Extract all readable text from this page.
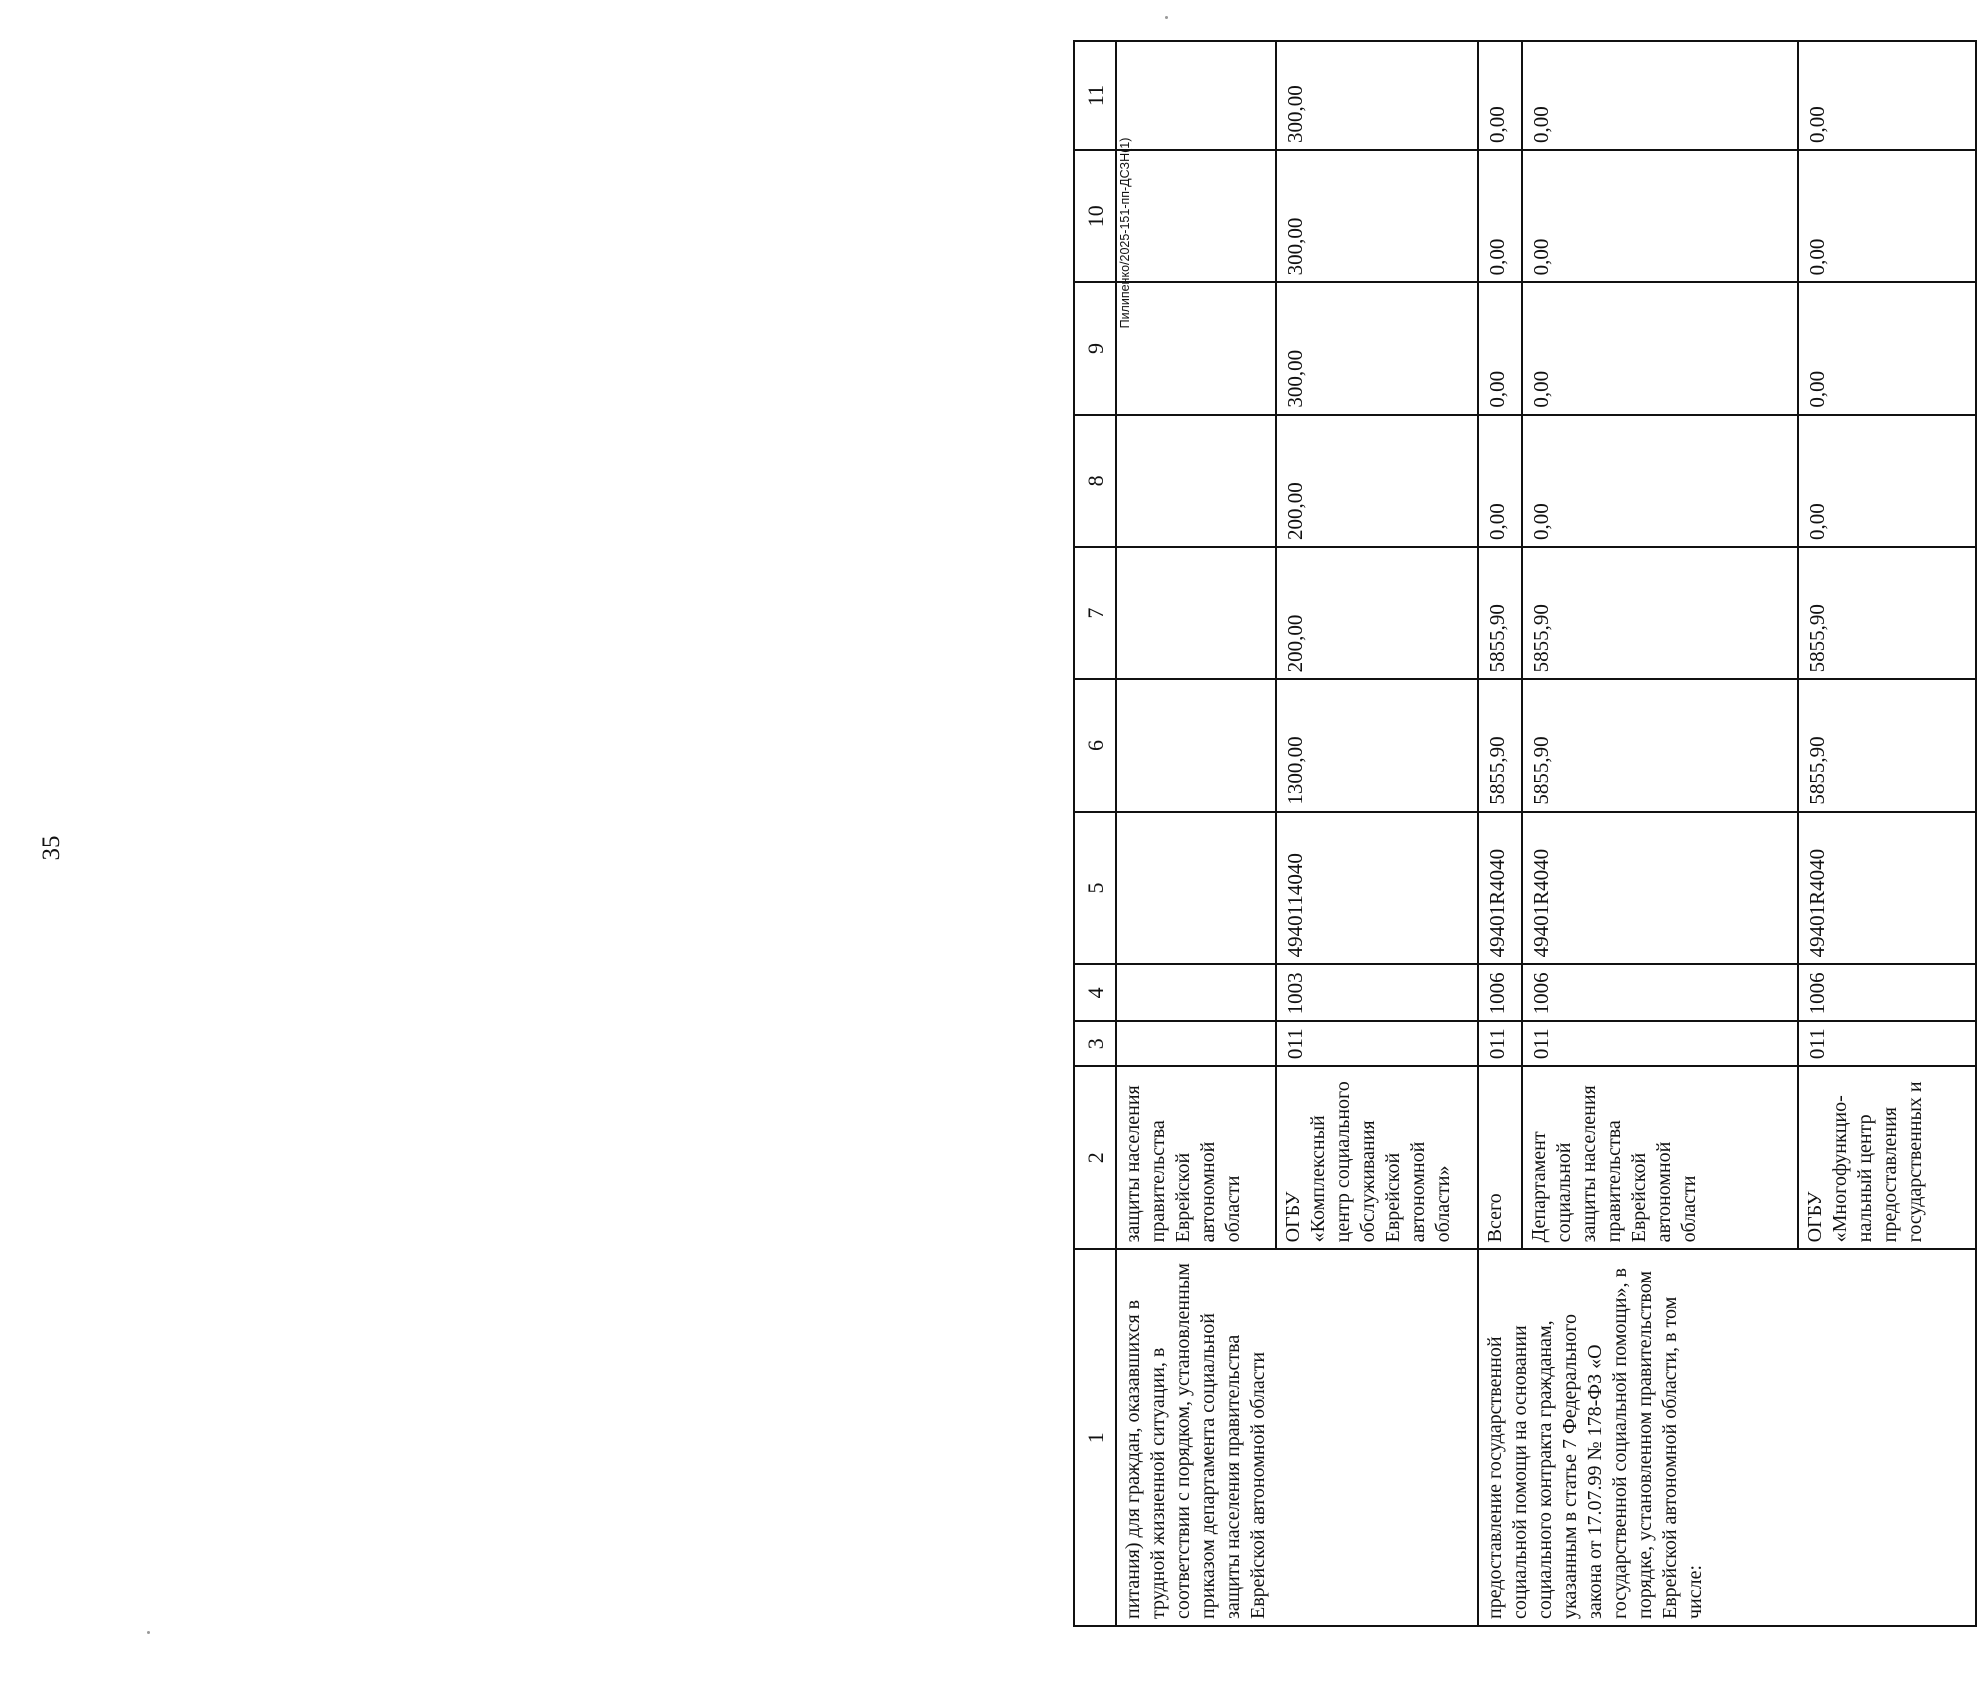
35
Пилипенко/2025-151-пп-ДСЗН(1)
1	2	3	4	5	6	7	8	9	10	11
питания) для граждан, оказавшихся в трудной жизненной ситуации, в соответствии с порядком, установленным приказом департамента социальной защиты населения правительства Еврейской автономной области	защиты населения правительства Еврейской автономной области									
	ОГБУ «Комплексный центр социального обслуживания Еврейской автономной области»	011	1003	4940114040	1300,00	200,00	200,00	300,00	300,00	300,00
предоставление государственной социальной помощи на основании социального контракта гражданам, указанным в статье 7 Федерального закона от 17.07.99 № 178-ФЗ «О государственной социальной помощи», в порядке, установленном правительством Еврейской автономной области, в том числе:	Всего	011	1006	49401R4040	5855,90	5855,90	0,00	0,00	0,00	0,00
	Департамент социальной защиты населения правительства Еврейской автономной области	011	1006	49401R4040	5855,90	5855,90	0,00	0,00	0,00	0,00
	ОГБУ «Многофункцио-нальный центр предоставления государственных и	011	1006	49401R4040	5855,90	5855,90	0,00	0,00	0,00	0,00
